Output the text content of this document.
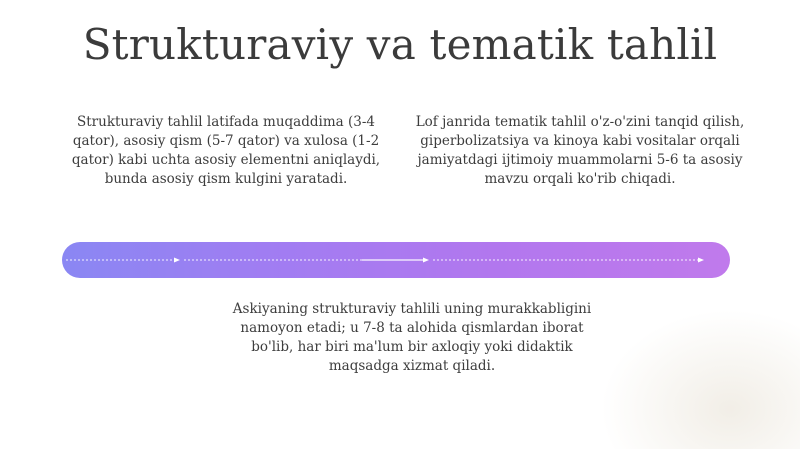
Strukturaviy va tematik tahlil

Strukturaviy tahlil latifada muqaddima (3-4 qator), asosiy qism (5-7 qator) va xulosa (1-2 qator) kabi uchta asosiy elementni aniqlaydi, bunda asosiy qism kulgini yaratadi.

Lof janrida tematik tahlil o'z-o'zini tanqid qilish, giperbolizatsiya va kinoya kabi vositalar orqali jamiyatdagi ijtimoiy muammolarni 5-6 ta asosiy mavzu orqali ko'rib chiqadi.

Askiyaning strukturaviy tahlili uning murakkabligini namoyon etadi; u 7-8 ta alohida qismlardan iborat bo'lib, har biri ma'lum bir axloqiy yoki didaktik maqsadga xizmat qiladi.
